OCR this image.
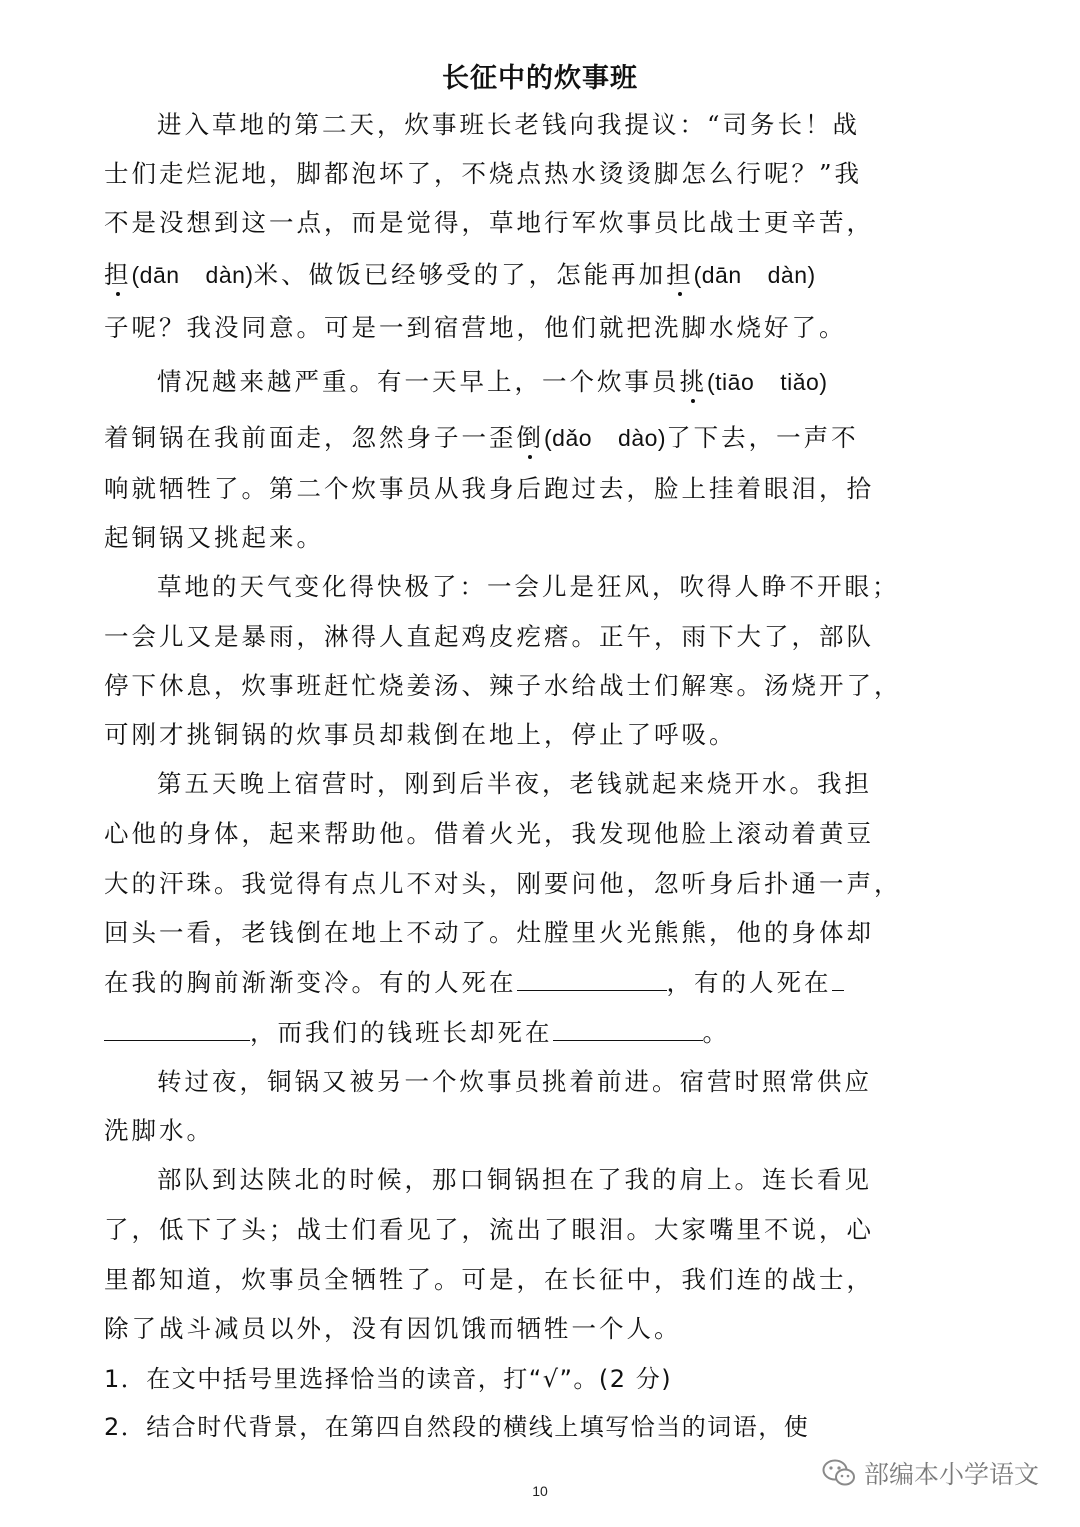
长征中的炊事班
进入草地的第二天，炊事班长老钱向我提议：“司务长！战
士们走烂泥地，脚都泡坏了，不烧点热水烫烫脚怎么行呢？”我
不是没想到这一点，而是觉得，草地行军炊事员比战士更辛苦，
担(dān dàn)米、做饭已经够受的了，怎能再加担(dān dàn)
子呢？我没同意。可是一到宿营地，他们就把洗脚水烧好了。
情况越来越严重。有一天早上，一个炊事员挑(tiāo tiǎo)
着铜锅在我前面走，忽然身子一歪倒(dǎo dào)了下去，一声不
响就牺牲了。第二个炊事员从我身后跑过去，脸上挂着眼泪，拾
起铜锅又挑起来。
草地的天气变化得快极了：一会儿是狂风，吹得人睁不开眼；
一会儿又是暴雨，淋得人直起鸡皮疙瘩。正午，雨下大了，部队
停下休息，炊事班赶忙烧姜汤、辣子水给战士们解寒。汤烧开了，
可刚才挑铜锅的炊事员却栽倒在地上，停止了呼吸。
第五天晚上宿营时，刚到后半夜，老钱就起来烧开水。我担
心他的身体，起来帮助他。借着火光，我发现他脸上滚动着黄豆
大的汗珠。我觉得有点儿不对头，刚要问他，忽听身后扑通一声，
回头一看，老钱倒在地上不动了。灶膛里火光熊熊，他的身体却
在我的胸前渐渐变冷。有的人死在	，有的人死在
，而我们的钱班长却死在	。
转过夜，铜锅又被另一个炊事员挑着前进。宿营时照常供应
洗脚水。
部队到达陕北的时候，那口铜锅担在了我的肩上。连长看见
了，低下了头；战士们看见了，流出了眼泪。大家嘴里不说，心
里都知道，炊事员全牺牲了。可是，在长征中，我们连的战士，
除了战斗减员以外，没有因饥饿而牺牲一个人。
1．在文中括号里选择恰当的读音，打“√”。(2 分)
2．结合时代背景，在第四自然段的横线上填写恰当的词语，使
10
部编本小学语文
